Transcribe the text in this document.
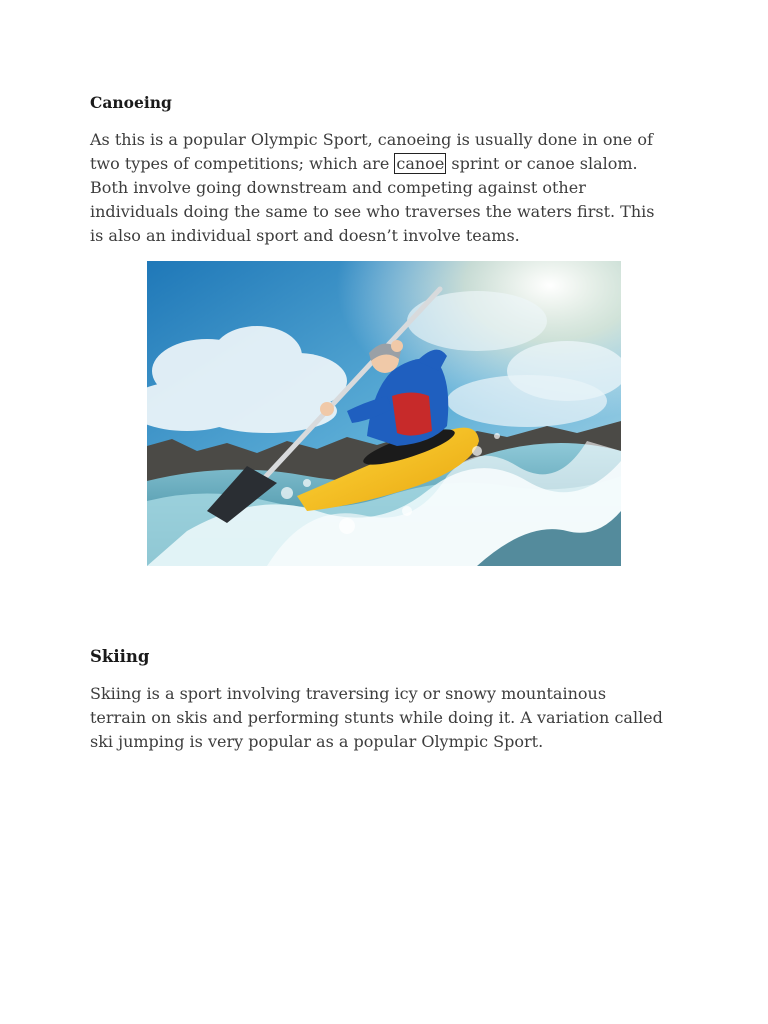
Canoeing

As this is a popular Olympic Sport, canoeing is usually done in one of
two types of competitions; which are canoe sprint or canoe slalom.
Both involve going downstream and competing against other
individuals doing the same to see who traverses the waters first. This
is also an individual sport and doesn’t involve teams.

Skiing

Skiing is a sport involving traversing icy or snowy mountainous
terrain on skis and performing stunts while doing it. A variation called
ski jumping is very popular as a popular Olympic Sport.
